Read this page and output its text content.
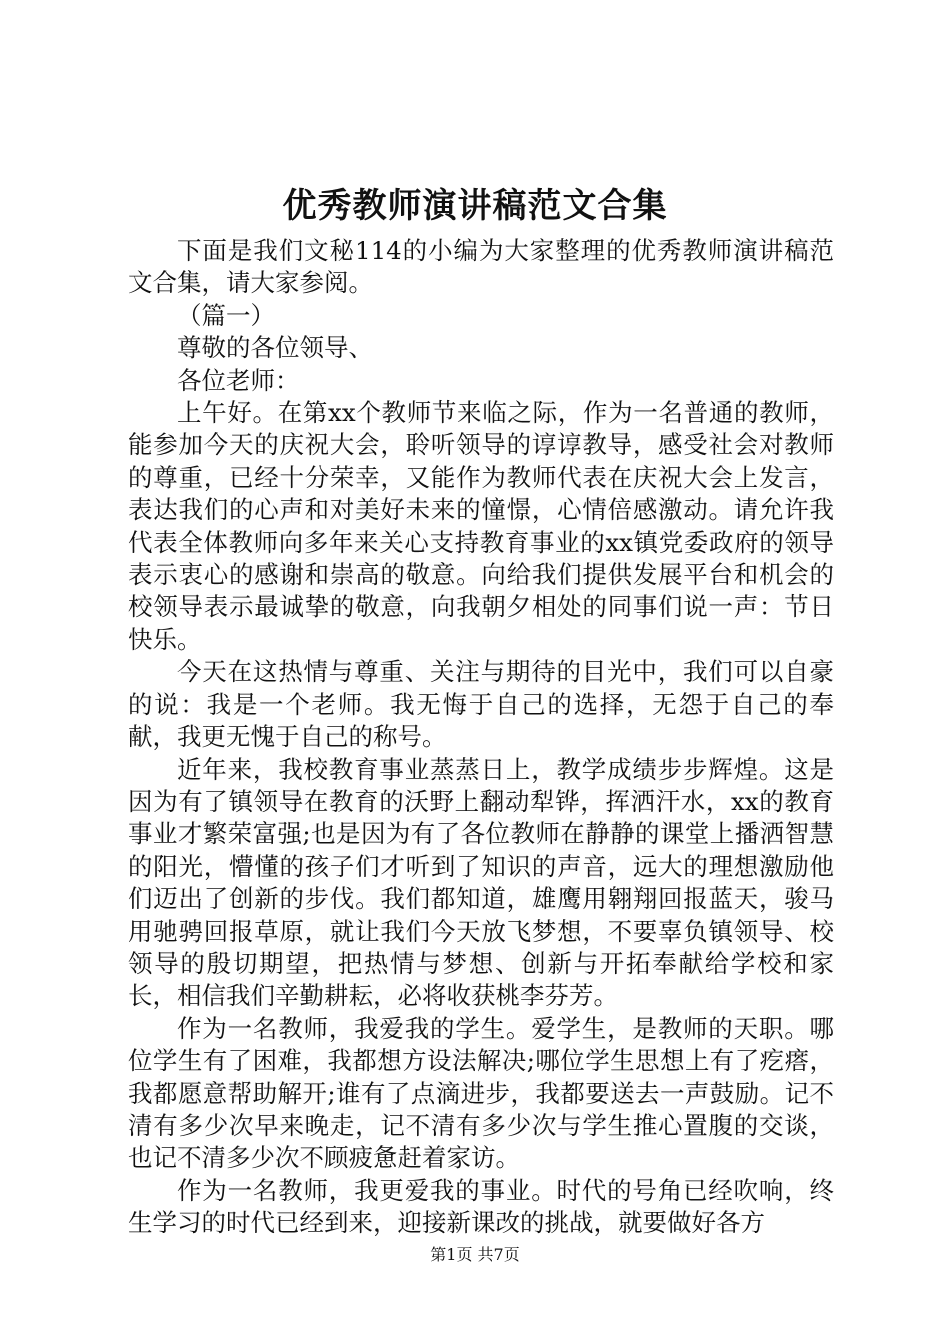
优秀教师演讲稿范文合集

下面是我们文秘114的小编为大家整理的优秀教师演讲稿范文合集，请大家参阅。

（篇一）

尊敬的各位领导、

各位老师：

上午好。在第xx个教师节来临之际，作为一名普通的教师，能参加今天的庆祝大会，聆听领导的谆谆教导，感受社会对教师的尊重，已经十分荣幸，又能作为教师代表在庆祝大会上发言，表达我们的心声和对美好未来的憧憬，心情倍感激动。请允许我代表全体教师向多年来关心支持教育事业的xx镇党委政府的领导表示衷心的感谢和崇高的敬意。向给我们提供发展平台和机会的校领导表示最诚挚的敬意，向我朝夕相处的同事们说一声：节日快乐。

今天在这热情与尊重、关注与期待的目光中，我们可以自豪的说：我是一个老师。我无悔于自己的选择，无怨于自己的奉献，我更无愧于自己的称号。

近年来，我校教育事业蒸蒸日上，教学成绩步步辉煌。这是因为有了镇领导在教育的沃野上翻动犁铧，挥洒汗水，xx的教育事业才繁荣富强;也是因为有了各位教师在静静的课堂上播洒智慧的阳光，懵懂的孩子们才听到了知识的声音，远大的理想激励他们迈出了创新的步伐。我们都知道，雄鹰用翱翔回报蓝天，骏马用驰骋回报草原，就让我们今天放飞梦想，不要辜负镇领导、校领导的殷切期望，把热情与梦想、创新与开拓奉献给学校和家长，相信我们辛勤耕耘，必将收获桃李芬芳。

作为一名教师，我爱我的学生。爱学生，是教师的天职。哪位学生有了困难，我都想方设法解决;哪位学生思想上有了疙瘩，我都愿意帮助解开;谁有了点滴进步，我都要送去一声鼓励。记不清有多少次早来晚走，记不清有多少次与学生推心置腹的交谈，也记不清多少次不顾疲惫赶着家访。

作为一名教师，我更爱我的事业。时代的号角已经吹响，终生学习的时代已经到来，迎接新课改的挑战，就要做好各方

第1页 共7页
